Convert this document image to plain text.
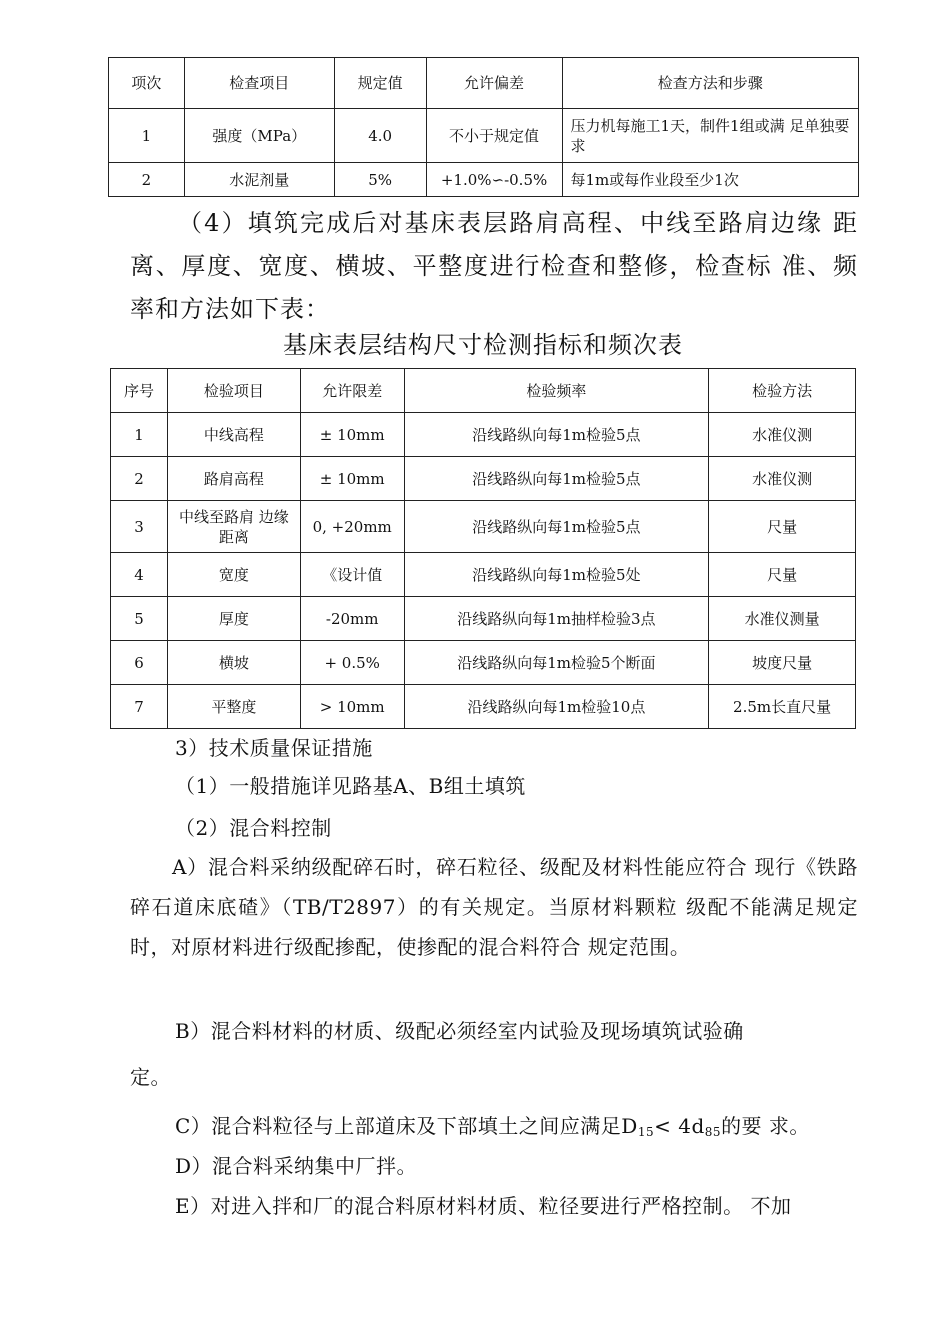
项次	检查项目	规定值	允许偏差	检查方法和步骤
1	强度（MPa）	4.0	不小于规定值	压力机每施工1天，制件1组或满 足单独要求
2	水泥剂量	5%	+1.0%∽-0.5%	每1m或每作业段至少1次

（4）填筑完成后对基床表层路肩高程、中线至路肩边缘 距离、厚度、宽度、横坡、平整度进行检查和整修，检查标 准、频率和方法如下表：

基床表层结构尺寸检测指标和频次表

序号	检验项目	允许限差	检验频率	检验方法
1	中线高程	± 10mm	沿线路纵向每1m检验5点	水准仪测
2	路肩高程	± 10mm	沿线路纵向每1m检验5点	水准仪测
3	中线至路肩 边缘距离	0, +20mm	沿线路纵向每1m检验5点	尺量
4	宽度	《设计值	沿线路纵向每1m检验5处	尺量
5	厚度	-20mm	沿线路纵向每1m抽样检验3点	水准仪测量
6	横坡	+ 0.5%	沿线路纵向每1m检验5个断面	坡度尺量
7	平整度	> 10mm	沿线路纵向每1m检验10点	2.5m长直尺量

3）技术质量保证措施

（1）一般措施详见路基A、B组土填筑

（2）混合料控制

A）混合料采纳级配碎石时，碎石粒径、级配及材料性能应符合 现行《铁路碎石道床底碴》（TB/T2897）的有关规定。当原材料颗粒 级配不能满足规定时，对原材料进行级配掺配，使掺配的混合料符合 规定范围。

B）混合料材料的材质、级配必须经室内试验及现场填筑试验确

定。

C）混合料粒径与上部道床及下部填土之间应满足$D_{15}< 4d_{85}$的要 求。

D）混合料采纳集中厂拌。

E）对进入拌和厂的混合料原材料材质、粒径要进行严格控制。 不加
